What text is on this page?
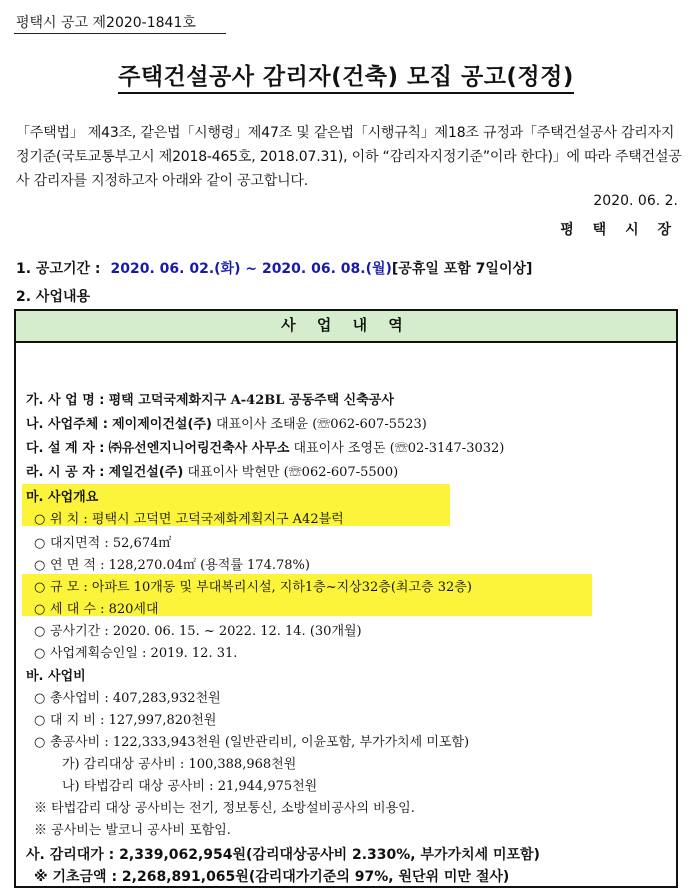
평택시 공고 제2020-1841호
주택건설공사 감리자(건축) 모집 공고(정정)
「주택법」 제43조, 같은법「시행령」제47조 및 같은법「시행규칙」제18조 규정과「주택건설공사 감리자지정기준(국토교통부고시 제2018-465호, 2018.07.31), 이하 “감리자지정기준”이라 한다)」에 따라 주택건설공사 감리자를 지정하고자 아래와 같이 공고합니다.
2020. 06. 2.
평 택 시 장
1. 공고기간 : 2020. 06. 02.(화) ~ 2020. 06. 08.(월)[공휴일 포함 7일이상]
2. 사업내용
사 업 내 역
가. 사 업 명 : 평택 고덕국제화지구 A-42BL 공동주택 신축공사
나. 사업주체 : 제이제이건설(주) 대표이사 조태윤 (☏062-607-5523)
다. 설 계 자 : ㈜유선엔지니어링건축사 사무소 대표이사 조영돈 (☏02-3147-3032)
라. 시 공 자 : 제일건설(주) 대표이사 박현만 (☏062-607-5500)
마. 사업개요
○ 위 치 : 평택시 고덕면 고덕국제화계획지구 A42블럭
○ 대지면적 : 52,674㎡
○ 연 면 적 : 128,270.04㎡ (용적률 174.78%)
○ 규 모 : 아파트 10개동 및 부대복리시설, 지하1층~지상32층(최고층 32층)
○ 세 대 수 : 820세대
○ 공사기간 : 2020. 06. 15. ~ 2022. 12. 14. (30개월)
○ 사업계획승인일 : 2019. 12. 31.
바. 사업비
○ 총사업비 : 407,283,932천원
○ 대 지 비 : 127,997,820천원
○ 총공사비 : 122,333,943천원 (일반관리비, 이윤포함, 부가가치세 미포함)
가) 감리대상 공사비 : 100,388,968천원
나) 타법감리 대상 공사비 : 21,944,975천원
※ 타법감리 대상 공사비는 전기, 정보통신, 소방설비공사의 비용임.
※ 공사비는 발코니 공사비 포함임.
사. 감리대가 : 2,339,062,954원(감리대상공사비 2.330%, 부가가치세 미포함)
※ 기초금액 : 2,268,891,065원(감리대가기준의 97%, 원단위 미만 절사)
